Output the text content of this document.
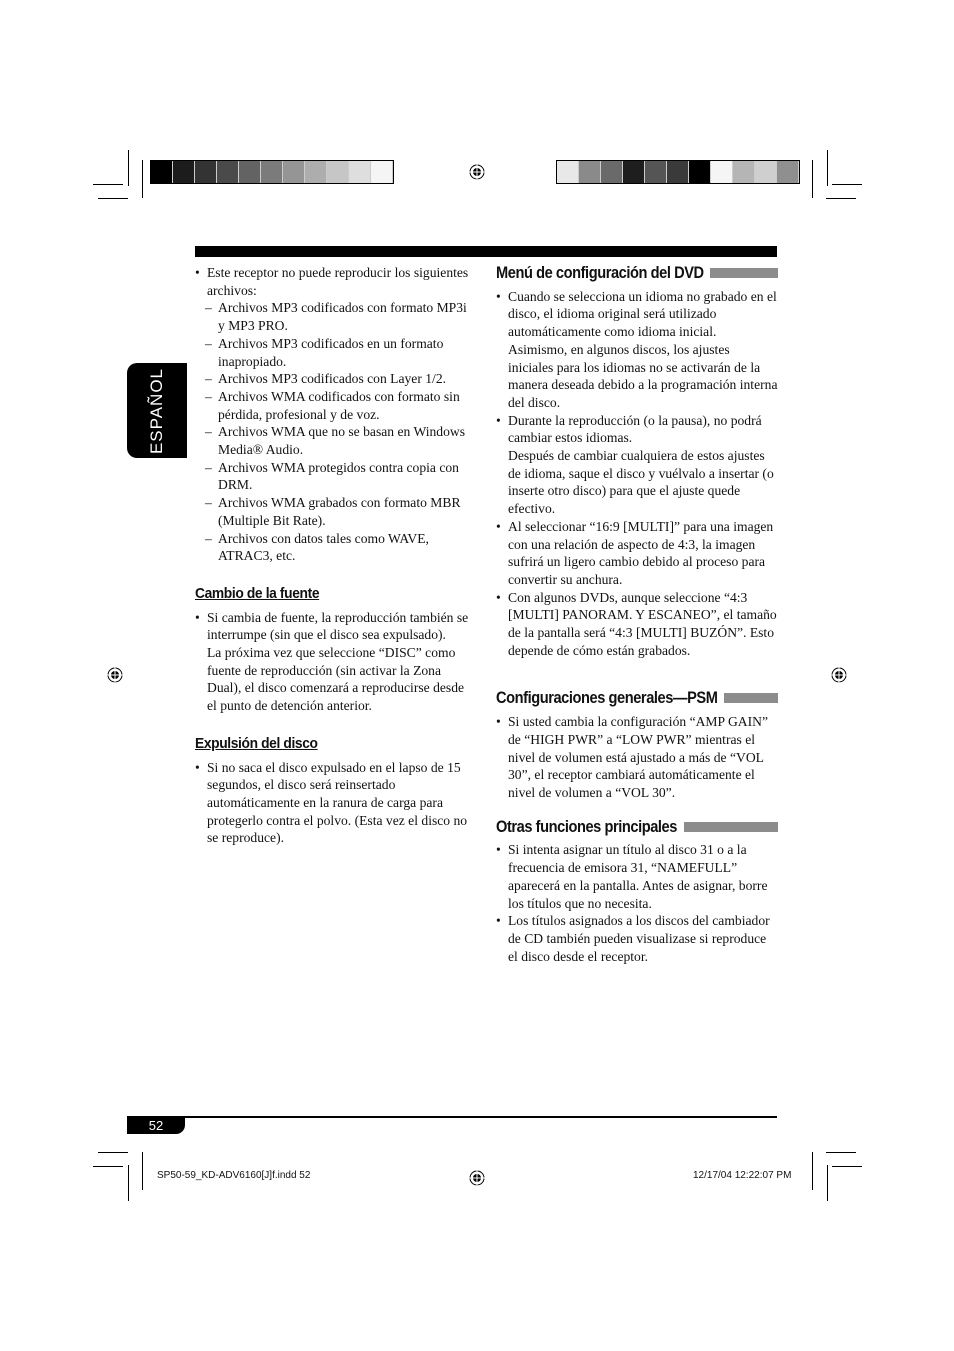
ESPAÑOL

• Este receptor no puede reproducir los siguientes archivos:

– Archivos MP3 codificados con formato MP3i y MP3 PRO.

– Archivos MP3 codificados en un formato inapropiado.

– Archivos MP3 codificados con Layer 1/2.

– Archivos WMA codificados con formato sin pérdida, profesional y de voz.

– Archivos WMA que no se basan en Windows Media® Audio.

– Archivos WMA protegidos contra copia con DRM.

– Archivos WMA grabados con formato MBR (Multiple Bit Rate).

– Archivos con datos tales como WAVE, ATRAC3, etc.

Cambio de la fuente

• Si cambia de fuente, la reproducción también se interrumpe (sin que el disco sea expulsado).

La próxima vez que seleccione “DISC” como fuente de reproducción (sin activar la Zona Dual), el disco comenzará a reproducirse desde el punto de detención anterior.

Expulsión del disco

• Si no saca el disco expulsado en el lapso de 15 segundos, el disco será reinsertado automáticamente en la ranura de carga para protegerlo contra el polvo. (Esta vez el disco no se reproduce).

Menú de configuración del DVD

• Cuando se selecciona un idioma no grabado en el disco, el idioma original será utilizado automáticamente como idioma inicial.

Asimismo, en algunos discos, los ajustes iniciales para los idiomas no se activarán de la manera deseada debido a la programación interna del disco.

• Durante la reproducción (o la pausa), no podrá cambiar estos idiomas.

Después de cambiar cualquiera de estos ajustes de idioma, saque el disco y vuélvalo a insertar (o inserte otro disco) para que el ajuste quede efectivo.

• Al seleccionar “16:9 [MULTI]” para una imagen con una relación de aspecto de 4:3, la imagen sufrirá un ligero cambio debido al proceso para convertir su anchura.

• Con algunos DVDs, aunque seleccione “4:3 [MULTI] PANORAM. Y ESCANEO”, el tamaño de la pantalla será “4:3 [MULTI] BUZÓN”. Esto depende de cómo están grabados.

Configuraciones generales—PSM

• Si usted cambia la configuración “AMP GAIN” de “HIGH PWR” a “LOW PWR” mientras el nivel de volumen está ajustado a más de “VOL 30”, el receptor cambiará automáticamente el nivel de volumen a “VOL 30”.

Otras funciones principales

• Si intenta asignar un título al disco 31 o a la frecuencia de emisora 31, “NAMEFULL” aparecerá en la pantalla. Antes de asignar, borre los títulos que no necesita.

• Los títulos asignados a los discos del cambiador de CD también pueden visualizase si reproduce el disco desde el receptor.

52
SP50-59_KD-ADV6160[J]f.indd 52	12/17/04 12:22:07 PM
